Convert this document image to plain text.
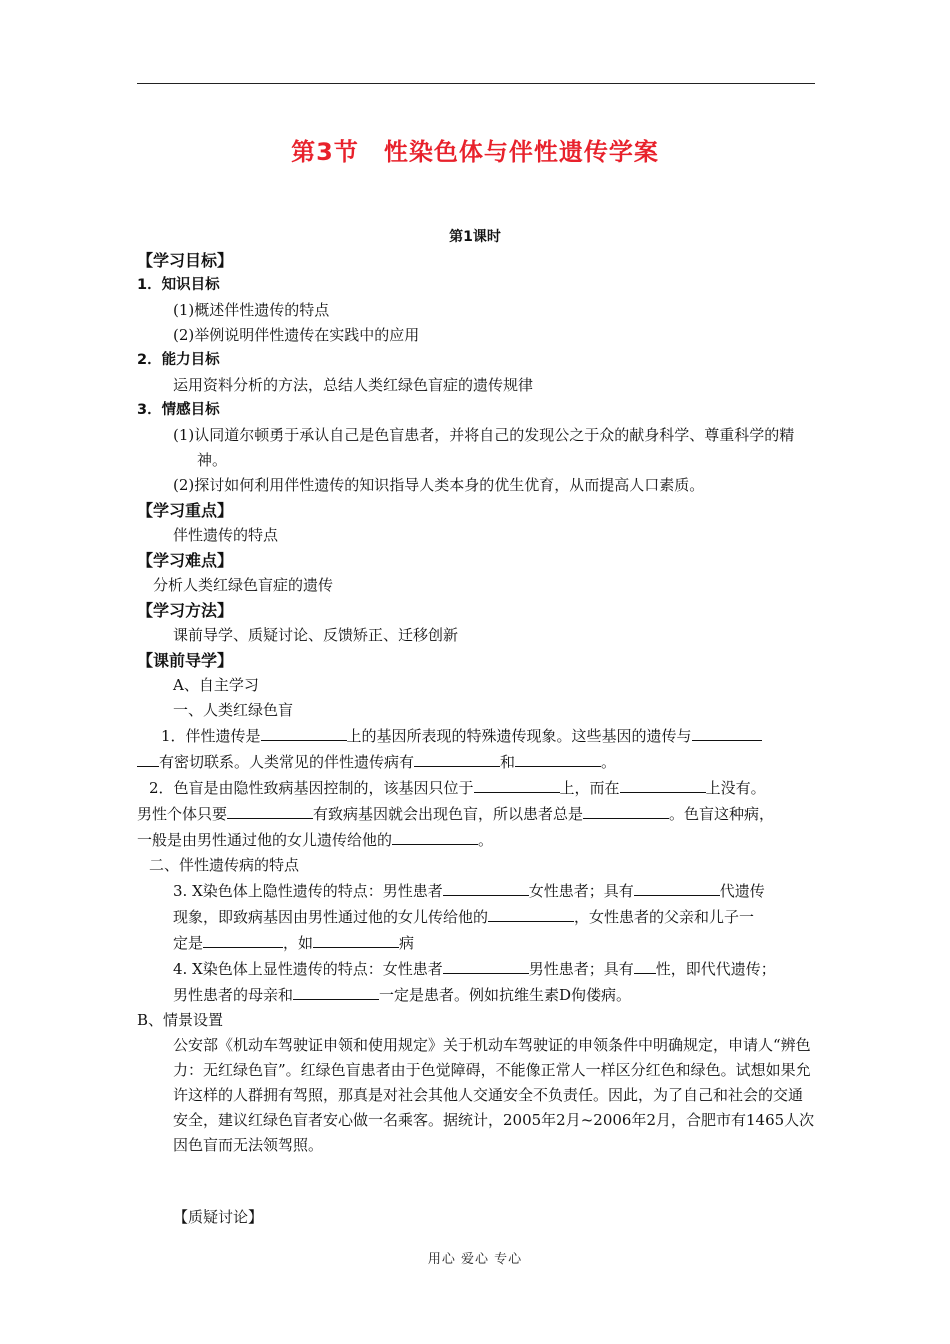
第3节　性染色体与伴性遗传学案
第1课时
【学习目标】
1．知识目标
(1)概述伴性遗传的特点
(2)举例说明伴性遗传在实践中的应用
2．能力目标
运用资料分析的方法，总结人类红绿色盲症的遗传规律
3．情感目标
(1)认同道尔顿勇于承认自己是色盲患者，并将自己的发现公之于众的献身科学、尊重科学的精神。
(2)探讨如何利用伴性遗传的知识指导人类本身的优生优育，从而提高人口素质。
【学习重点】
伴性遗传的特点
【学习难点】
分析人类红绿色盲症的遗传
【学习方法】
课前导学、质疑讨论、反馈矫正、迁移创新
【课前导学】
A、自主学习
一、人类红绿色盲
1．伴性遗传是	上的基因所表现的特殊遗传现象。这些基因的遗传与
有密切联系。人类常见的伴性遗传病有	和	。
2．色盲是由隐性致病基因控制的，该基因只位于	上，而在	上没有。
男性个体只要	有致病基因就会出现色盲，所以患者总是	。色盲这种病，
一般是由男性通过他的女儿遗传给他的	。
二、伴性遗传病的特点
3. X染色体上隐性遗传的特点：男性患者	女性患者；具有	代遗传
现象，即致病基因由男性通过他的女儿传给他的	，女性患者的父亲和儿子一
定是	，如	病
4. X染色体上显性遗传的特点：女性患者	男性患者；具有 性，即代代遗传；
男性患者的母亲和	一定是患者。例如抗维生素D佝偻病。
B、情景设置
公安部《机动车驾驶证申领和使用规定》关于机动车驾驶证的申领条件中明确规定，申请人“辨色力：无红绿色盲”。红绿色盲患者由于色觉障碍，不能像正常人一样区分红色和绿色。试想如果允许这样的人群拥有驾照，那真是对社会其他人交通安全不负责任。因此，为了自己和社会的交通安全，建议红绿色盲者安心做一名乘客。据统计，2005年2月~2006年2月，合肥市有1465人次因色盲而无法领驾照。
【质疑讨论】
用心 爱心 专心
